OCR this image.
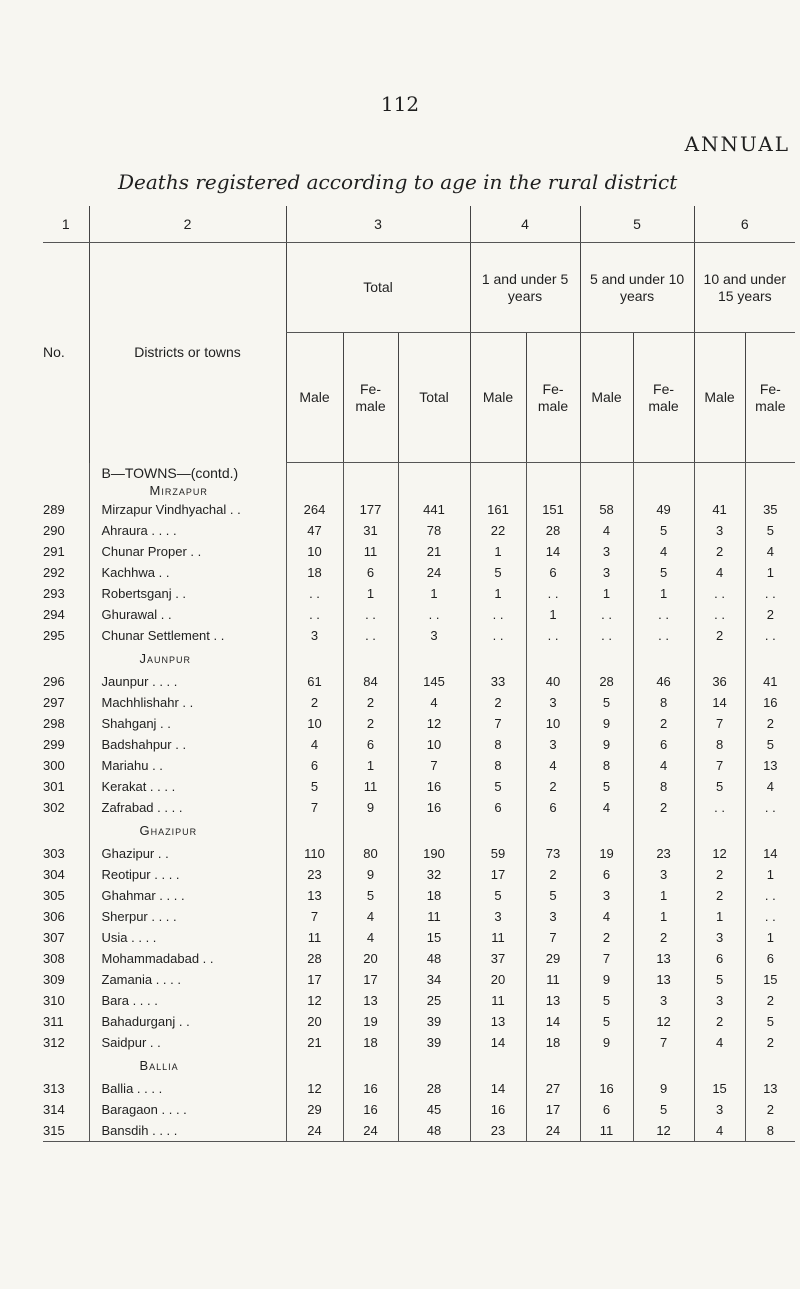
112
ANNUAL
Deaths registered according to age in the rural district
1	2	3			4		5		6	
No.	Districts or towns	Total			1 and under 5 years		5 and under 10 years		10 and under 15 years	
		Male	Fe- male	Total	Male	Fe- male	Male	Fe- male	Male	Fe- male

	B—TOWNS—(contd.)
Mirzapur									

289	Mirzapur Vindhyachal . .	264	177	441	161	151	58	49	41	35
290	Ahraura . . . .	47	31	78	22	28	4	5	3	5
291	Chunar Proper . .	10	11	21	1	14	3	4	2	4
292	Kachhwa . .	18	6	24	5	6	3	5	4	1
293	Robertsganj . .	. .	1	1	1	. .	1	1	. .	. .
294	Ghurawal . .	. .	. .	. .	. .	1	. .	. .	. .	2
295	Chunar Settlement . .	3	. .	3	. .	. .	. .	. .	2	. .
	Jaunpur									
296	Jaunpur . . . .	61	84	145	33	40	28	46	36	41
297	Machhlishahr . .	2	2	4	2	3	5	8	14	16
298	Shahganj . .	10	2	12	7	10	9	2	7	2
299	Badshahpur . .	4	6	10	8	3	9	6	8	5
300	Mariahu . .	6	1	7	8	4	8	4	7	13
301	Kerakat . . . .	5	11	16	5	2	5	8	5	4
302	Zafrabad . . . .	7	9	16	6	6	4	2	. .	. .
	Ghazipur									
303	Ghazipur . .	110	80	190	59	73	19	23	12	14
304	Reotipur . . . .	23	9	32	17	2	6	3	2	1
305	Ghahmar . . . .	13	5	18	5	5	3	1	2	. .
306	Sherpur . . . .	7	4	11	3	3	4	1	1	. .
307	Usia . . . .	11	4	15	11	7	2	2	3	1
308	Mohammadabad . .	28	20	48	37	29	7	13	6	6
309	Zamania . . . .	17	17	34	20	11	9	13	5	15
310	Bara . . . .	12	13	25	11	13	5	3	3	2
311	Bahadurganj . .	20	19	39	13	14	5	12	2	5
312	Saidpur . .	21	18	39	14	18	9	7	4	2
	Ballia									
313	Ballia . . . .	12	16	28	14	27	16	9	15	13
314	Baragaon . . . .	29	16	45	16	17	6	5	3	2
315	Bansdih . . . .	24	24	48	23	24	11	12	4	8
